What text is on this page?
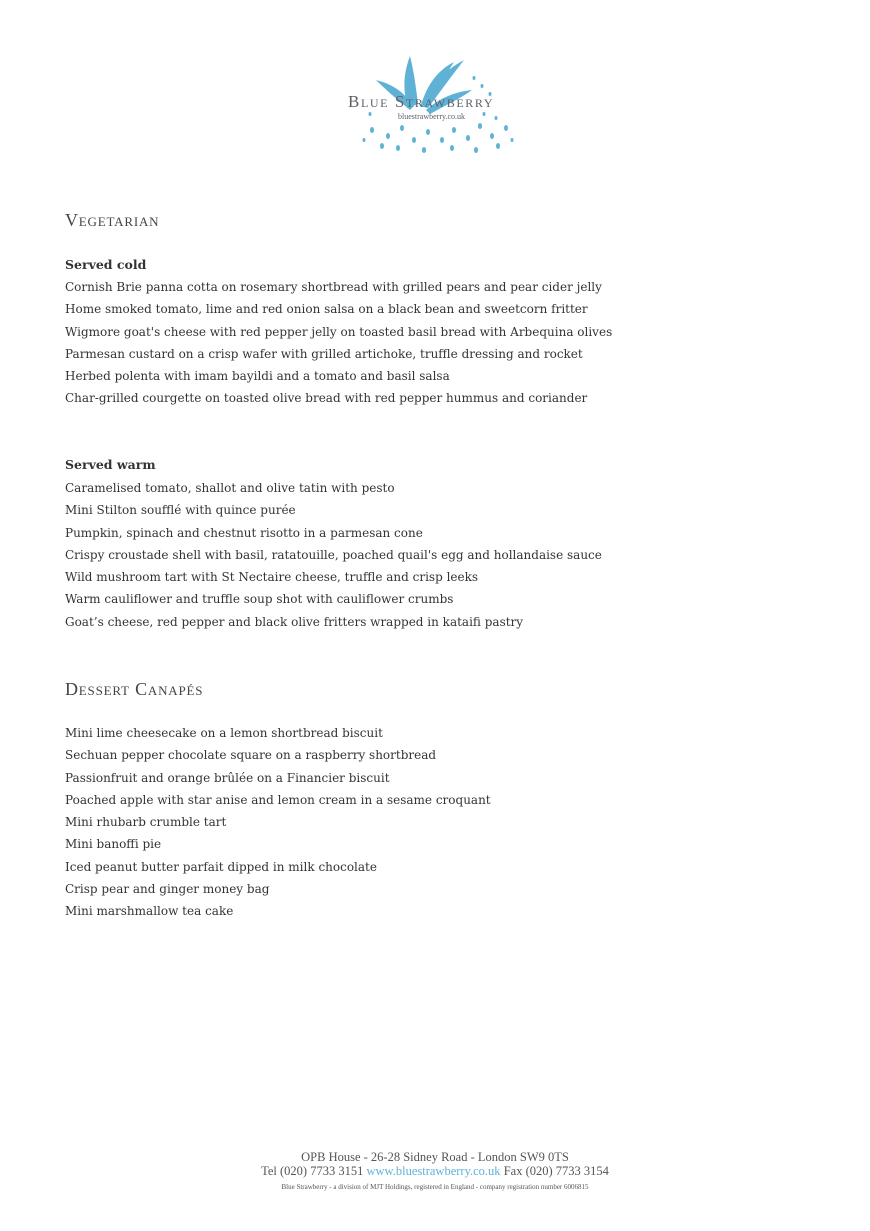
Blue Strawberry
bluestrawberry.co.uk
Vegetarian
Served cold
Cornish Brie panna cotta on rosemary shortbread with grilled pears and pear cider jelly
Home smoked tomato, lime and red onion salsa on a black bean and sweetcorn fritter
Wigmore goat's cheese with red pepper jelly on toasted basil bread with Arbequina olives
Parmesan custard on a crisp wafer with grilled artichoke, truffle dressing and rocket
Herbed polenta with imam bayildi and a tomato and basil salsa
Char-grilled courgette on toasted olive bread with red pepper hummus and coriander
Served warm
Caramelised tomato, shallot and olive tatin with pesto
Mini Stilton soufflé with quince purée
Pumpkin, spinach and chestnut risotto in a parmesan cone
Crispy croustade shell with basil, ratatouille, poached quail's egg and hollandaise sauce
Wild mushroom tart with St Nectaire cheese, truffle and crisp leeks
Warm cauliflower and truffle soup shot with cauliflower crumbs
Goat’s cheese, red pepper and black olive fritters wrapped in kataifi pastry
Dessert Canapés
Mini lime cheesecake on a lemon shortbread biscuit
Sechuan pepper chocolate square on a raspberry shortbread
Passionfruit and orange brûlée on a Financier biscuit
Poached apple with star anise and lemon cream in a sesame croquant
Mini rhubarb crumble tart
Mini banoffi pie
Iced peanut butter parfait dipped in milk chocolate
Crisp pear and ginger money bag
Mini marshmallow tea cake
OPB House - 26-28 Sidney Road - London SW9 0TS
Tel (020) 7733 3151 www.bluestrawberry.co.uk Fax (020) 7733 3154
Blue Strawberry - a division of MJT Holdings, registered in England - company registration number 6006815
